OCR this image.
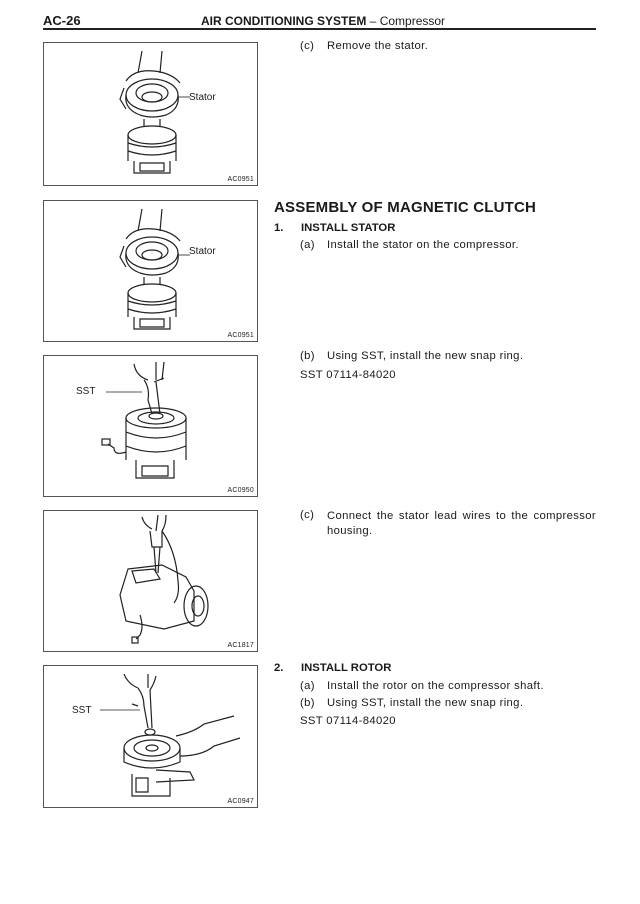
AC-26	AIR CONDITIONING SYSTEM – Compressor
Stator
AC0951
Stator
AC0951
SST
AC0950
AC1817
SST
AC0947
(c) Remove the stator.
ASSEMBLY OF MAGNETIC CLUTCH
1. INSTALL STATOR
(a) Install the stator on the compressor.
(b) Using SST, install the new snap ring.
SST 07114-84020
(c)	Connect the stator lead wires to the compressor housing.
2. INSTALL ROTOR
(a) Install the rotor on the compressor shaft.
(b) Using SST, install the new snap ring.
SST 07114-84020
